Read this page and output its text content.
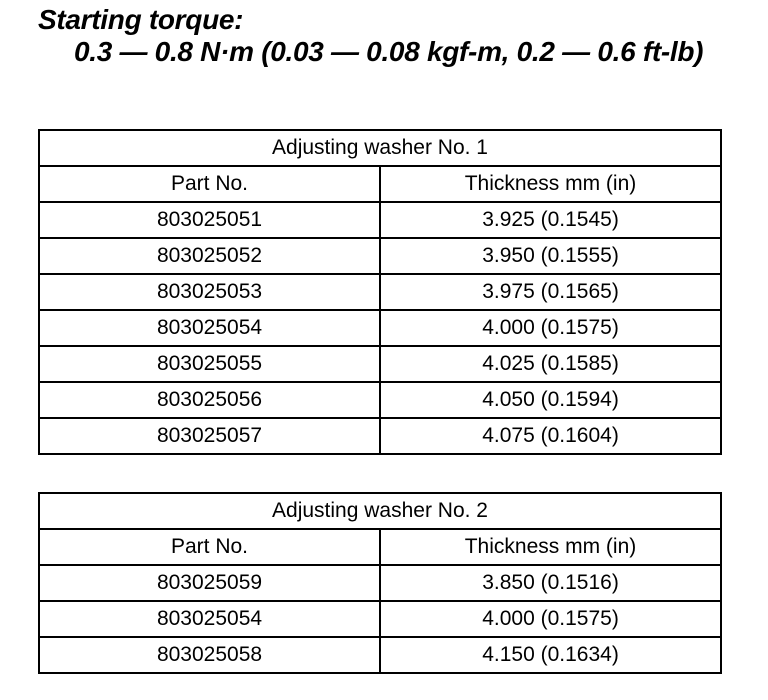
Starting torque:
0.3 — 0.8 N·m (0.03 — 0.08 kgf-m, 0.2 — 0.6 ft-lb)
Adjusting washer No. 1	
Part No.	Thickness mm (in)
803025051	3.925 (0.1545)
803025052	3.950 (0.1555)
803025053	3.975 (0.1565)
803025054	4.000 (0.1575)
803025055	4.025 (0.1585)
803025056	4.050 (0.1594)
803025057	4.075 (0.1604)
Adjusting washer No. 2	
Part No.	Thickness mm (in)
803025059	3.850 (0.1516)
803025054	4.000 (0.1575)
803025058	4.150 (0.1634)
